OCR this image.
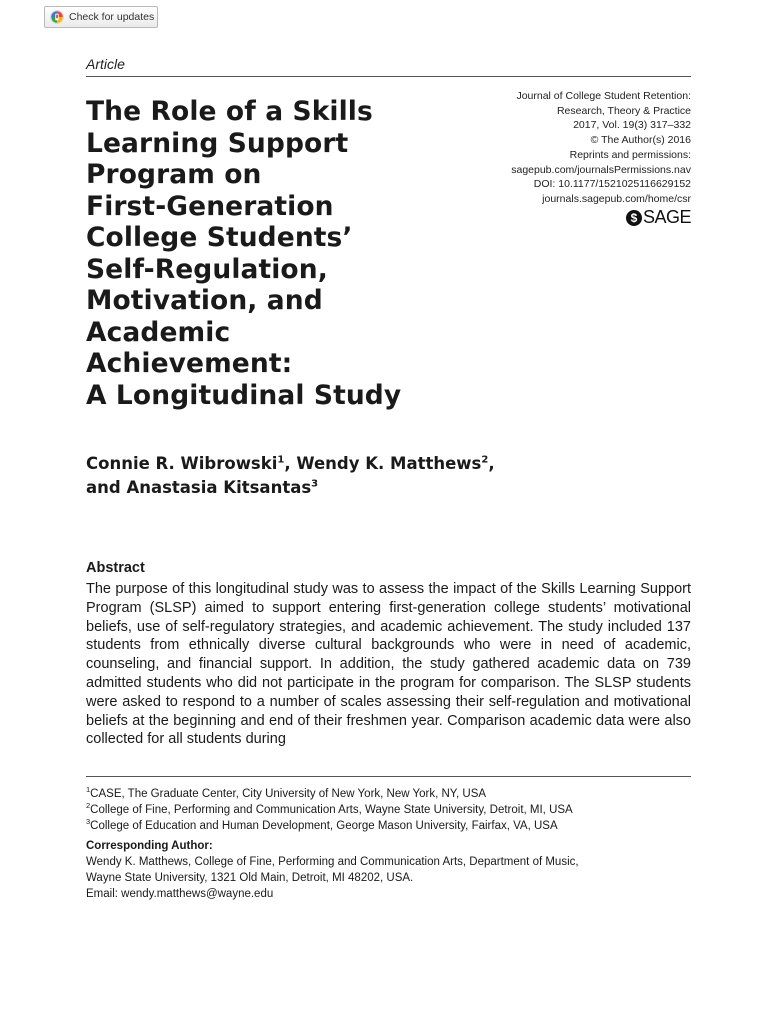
Check for updates
Article
The Role of a Skills
Learning Support
Program on
First-Generation
College Students’
Self-Regulation,
Motivation, and
Academic
Achievement:
A Longitudinal Study
Journal of College Student Retention:
Research, Theory & Practice
2017, Vol. 19(3) 317–332
© The Author(s) 2016
Reprints and permissions:
sagepub.com/journalsPermissions.nav
DOI: 10.1177/1521025116629152
journals.sagepub.com/home/csr
$ SAGE

Connie R. Wibrowski$^1$, Wendy K. Matthews$^2$,
and Anastasia Kitsantas$^3$

Abstract

The purpose of this longitudinal study was to assess the impact of the Skills Learning Support Program (SLSP) aimed to support entering first-generation college students’ motivational beliefs, use of self-regulatory strategies, and academic achievement. The study included 137 students from ethnically diverse cultural backgrounds who were in need of academic, counseling, and financial support. In addition, the study gathered academic data on 739 admitted students who did not participate in the program for comparison. The SLSP students were asked to respond to a number of scales assessing their self-regulation and motivational beliefs at the beginning and end of their freshmen year. Comparison academic data were also collected for all students during

$^1$CASE, The Graduate Center, City University of New York, New York, NY, USA
$^2$College of Fine, Performing and Communication Arts, Wayne State University, Detroit, MI, USA
$^3$College of Education and Human Development, George Mason University, Fairfax, VA, USA
Corresponding Author:
Wendy K. Matthews, College of Fine, Performing and Communication Arts, Department of Music,
Wayne State University, 1321 Old Main, Detroit, MI 48202, USA.
Email: wendy.matthews@wayne.edu
